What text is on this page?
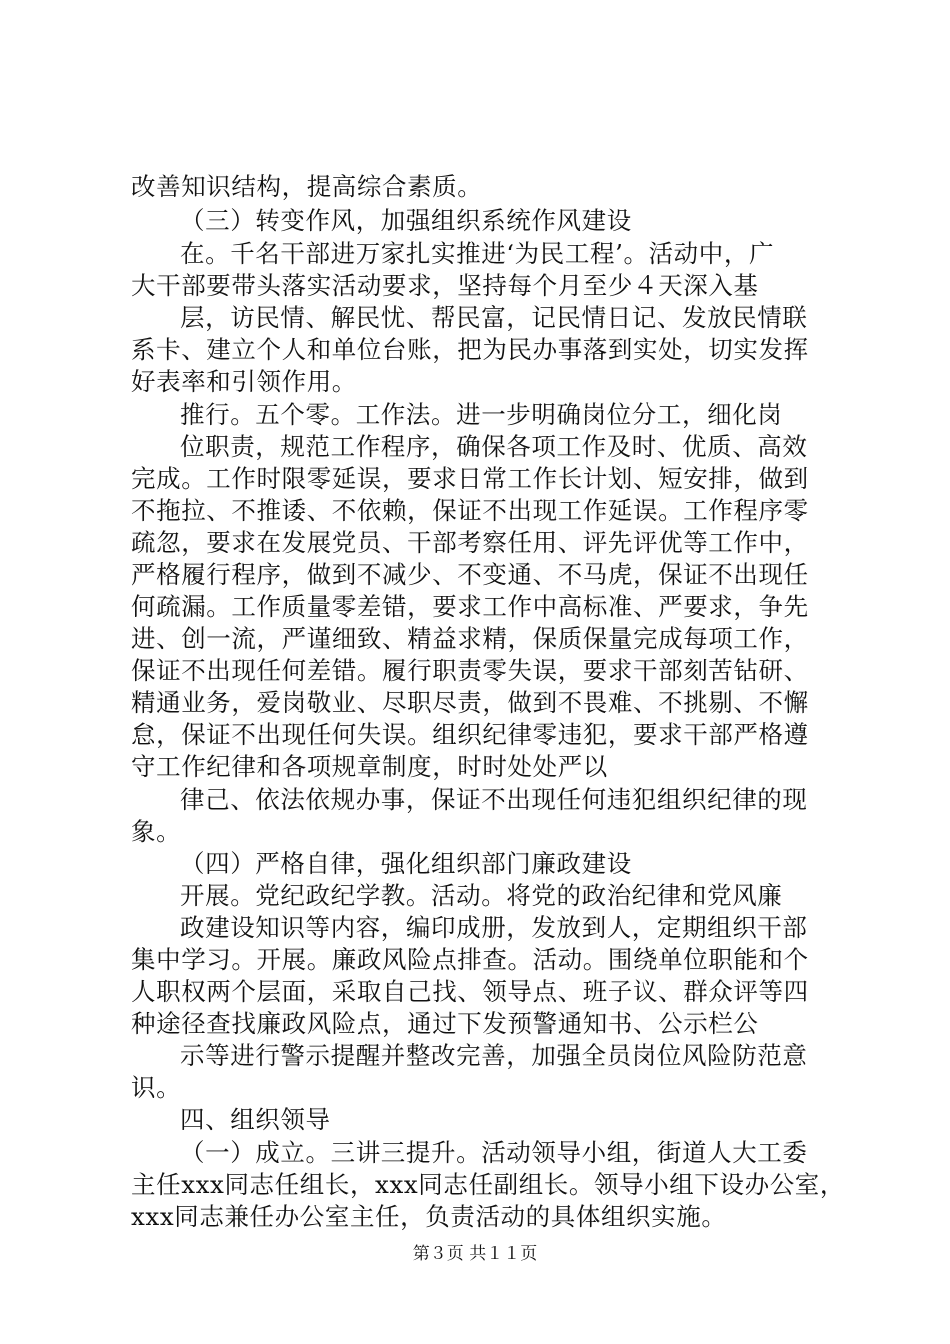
改善知识结构，提高综合素质。
（三）转变作风，加强组织系统作风建设
在。千名干部进万家扎实推进‘为民工程’。活动中，广
大干部要带头落实活动要求，坚持每个月至少４天深入基
层，访民情、解民忧、帮民富，记民情日记、发放民情联
系卡、建立个人和单位台账，把为民办事落到实处，切实发挥
好表率和引领作用。
推行。五个零。工作法。进一步明确岗位分工，细化岗
位职责，规范工作程序，确保各项工作及时、优质、高效
完成。工作时限零延误，要求日常工作长计划、短安排，做到
不拖拉、不推诿、不依赖，保证不出现工作延误。工作程序零
疏忽，要求在发展党员、干部考察任用、评先评优等工作中，
严格履行程序，做到不减少、不变通、不马虎，保证不出现任
何疏漏。工作质量零差错，要求工作中高标准、严要求，争先
进、创一流，严谨细致、精益求精，保质保量完成每项工作，
保证不出现任何差错。履行职责零失误，要求干部刻苦钻研、
精通业务，爱岗敬业、尽职尽责，做到不畏难、不挑剔、不懈
怠，保证不出现任何失误。组织纪律零违犯，要求干部严格遵
守工作纪律和各项规章制度，时时处处严以
律己、依法依规办事，保证不出现任何违犯组织纪律的现
象。
（四）严格自律，强化组织部门廉政建设
开展。党纪政纪学教。活动。将党的政治纪律和党风廉
政建设知识等内容，编印成册，发放到人，定期组织干部
集中学习。开展。廉政风险点排查。活动。围绕单位职能和个
人职权两个层面，采取自己找、领导点、班子议、群众评等四
种途径查找廉政风险点，通过下发预警通知书、公示栏公
示等进行警示提醒并整改完善，加强全员岗位风险防范意
识。
四、组织领导
（一）成立。三讲三提升。活动领导小组，街道人大工委
主任xxx同志任组长，xxx同志任副组长。领导小组下设办公室，
xxx同志兼任办公室主任，负责活动的具体组织实施。
第３页 共１１页
